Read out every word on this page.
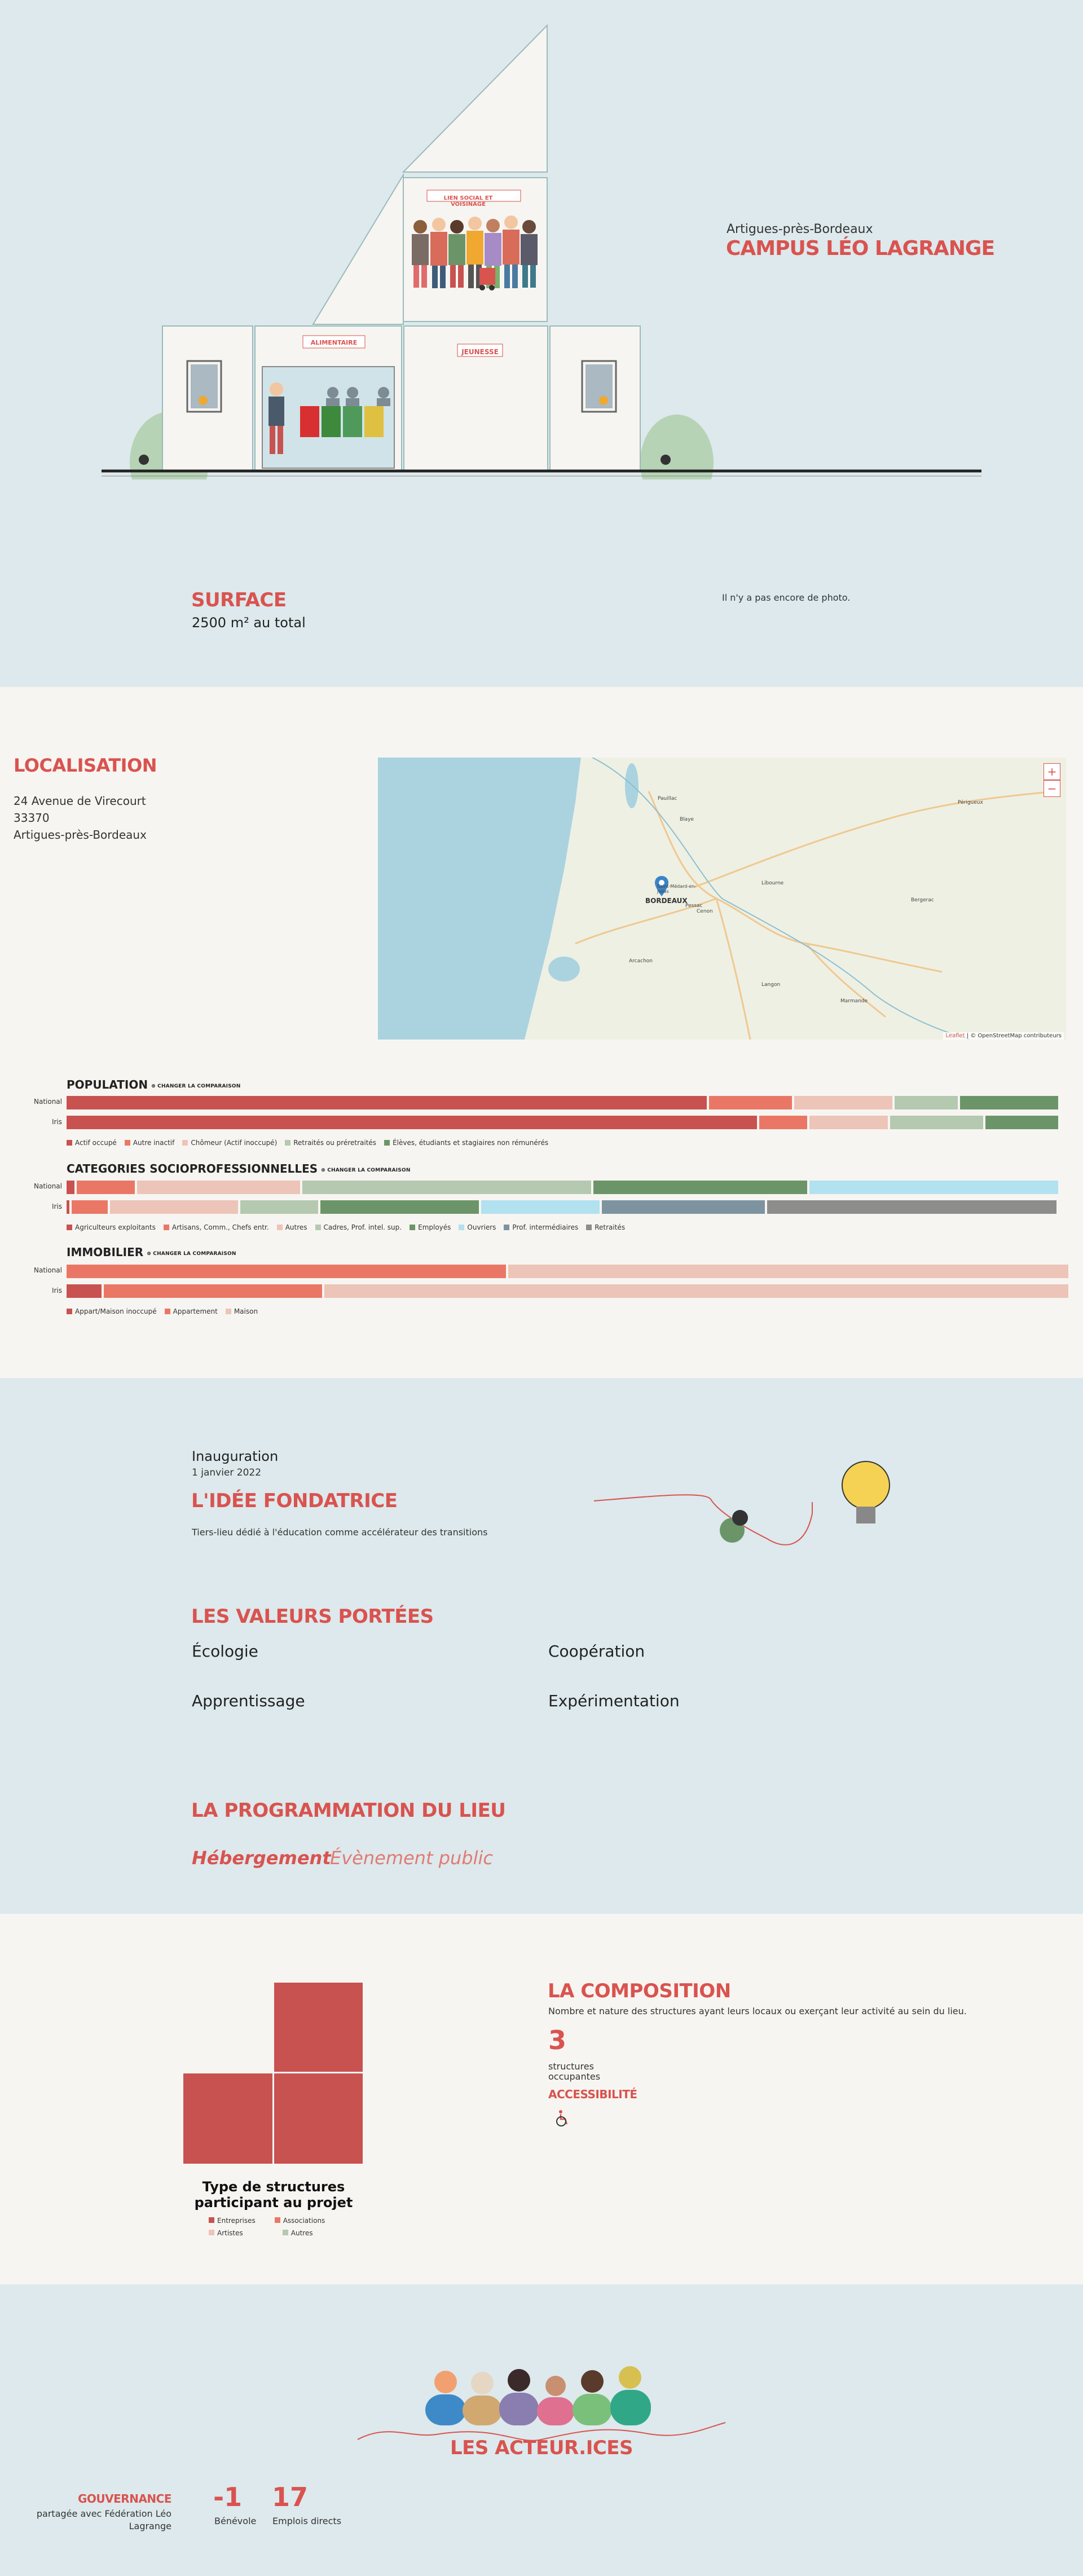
LIEN SOCIAL ET VOISINAGE
ALIMENTAIRE
JEUNESSE
Artigues-près-Bordeaux
CAMPUS LÉO LAGRANGE
SURFACE
2500 m² au total
Il n'y a pas encore de photo.
LOCALISATION
24 Avenue de Virecourt
33370
Artigues-près-Bordeaux
BORDEAUX
Pauillac
Blaye
Périgueux
Libourne
Bergerac
Cenon
Pessac
Saint-Médard-en-Jalles
Marmande
Langon
Arcachon
+
−
Leaflet | © OpenStreetMap contributeurs
POPULATION ⊕ CHANGER LA COMPARAISON
National
Iris
Actif occupé	Autre inactif	Chômeur (Actif inoccupé)	Retraités ou préretraités	Élèves, étudiants et stagiaires non rémunérés
CATEGORIES SOCIOPROFESSIONNELLES ⊕ CHANGER LA COMPARAISON
National
Iris
Agriculteurs exploitants	Artisans, Comm., Chefs entr.	Autres	Cadres, Prof. intel. sup.	Employés	Ouvriers	Prof. intermédiaires	Retraités
IMMOBILIER ⊕ CHANGER LA COMPARAISON
National
Iris
Appart/Maison inoccupé	Appartement	Maison
Inauguration
1 janvier 2022
L'IDÉE FONDATRICE
Tiers-lieu dédié à l'éducation comme accélérateur des transitions
LES VALEURS PORTÉES
Écologie	Coopération
Apprentissage	Expérimentation
LA PROGRAMMATION DU LIEU
Hébergement
Évènement public
Type de structures
participant au projet
Entreprises	Associations
Artistes	Autres
LA COMPOSITION
Nombre et nature des structures ayant leurs locaux ou exerçant leur activité au sein du lieu.
3
structures
occupantes
ACCESSIBILITÉ
LES ACTEUR.ICES
GOUVERNANCE
partagée avec Fédération Léo
Lagrange
-1
Bénévole
17
Emplois directs
